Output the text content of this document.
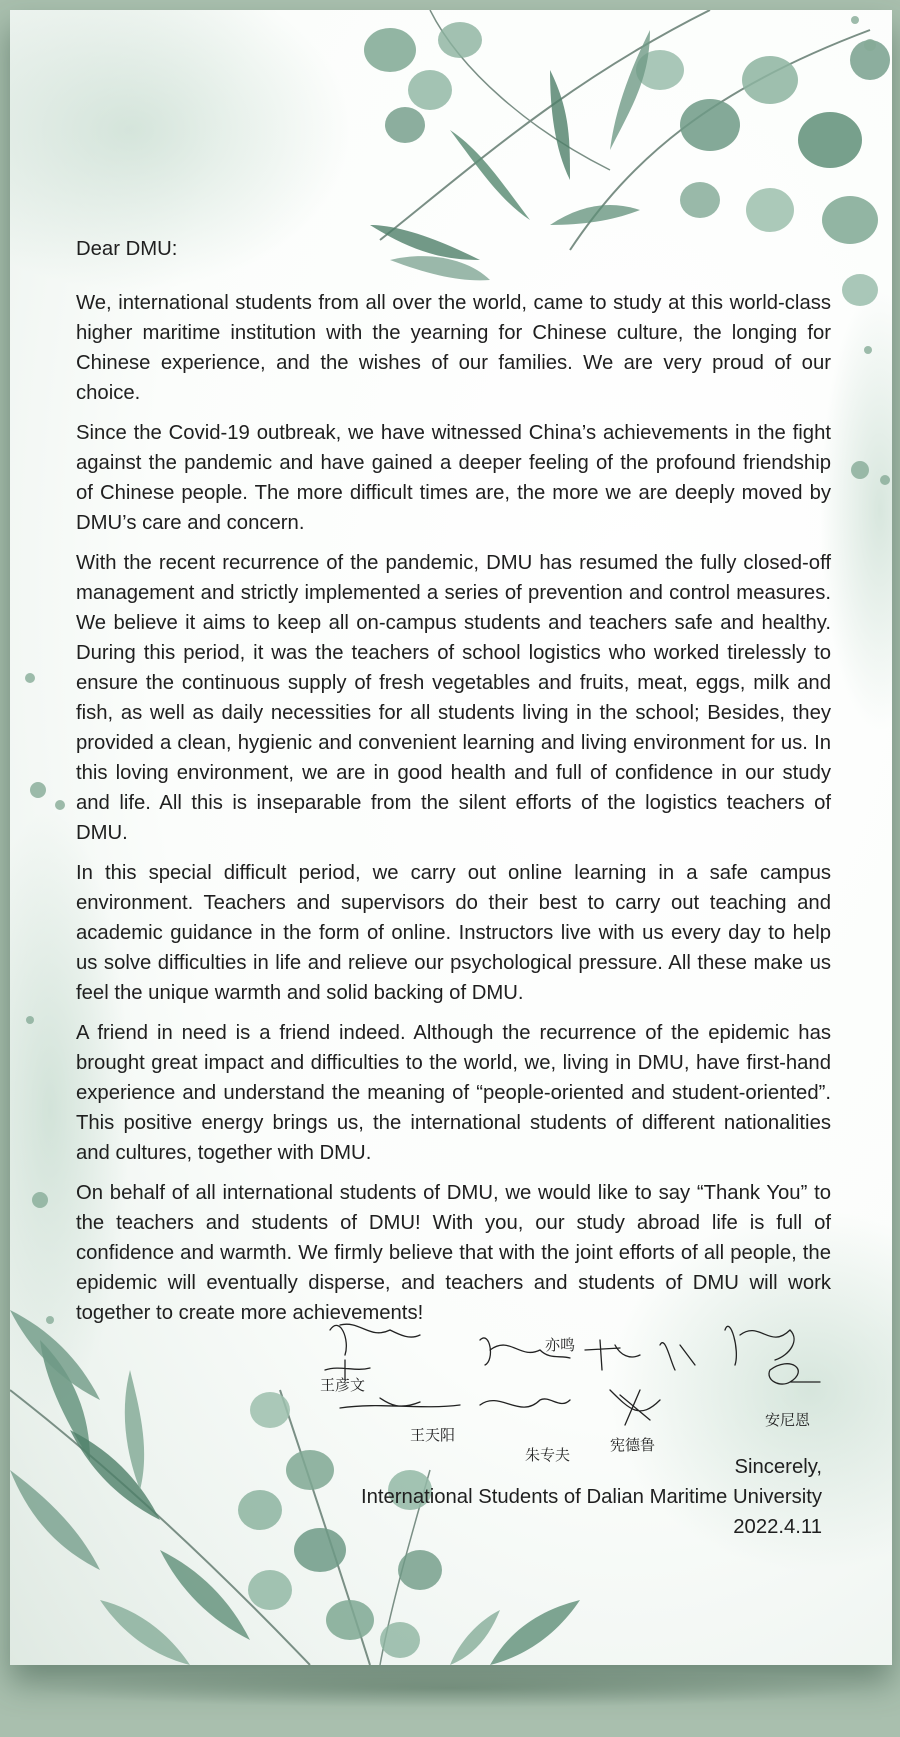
Dear DMU:

We, international students from all over the world, came to study at this world-class higher maritime institution with the yearning for Chinese culture, the longing for Chinese experience, and the wishes of our families. We are very proud of our choice.

Since the Covid-19 outbreak, we have witnessed China’s achievements in the fight against the pandemic and have gained a deeper feeling of the profound friendship of Chinese people. The more difficult times are, the more we are deeply moved by DMU’s care and concern.

With the recent recurrence of the pandemic, DMU has resumed the fully closed-off management and strictly implemented a series of prevention and control measures. We believe it aims to keep all on-campus students and teachers safe and healthy. During this period, it was the teachers of school logistics who worked tirelessly to ensure the continuous supply of fresh vegetables and fruits, meat, eggs, milk and fish, as well as daily necessities for all students living in the school; Besides, they provided a clean, hygienic and convenient learning and living environment for us. In this loving environment, we are in good health and full of confidence in our study and life. All this is inseparable from the silent efforts of the logistics teachers of DMU.

In this special difficult period, we carry out online learning in a safe campus environment. Teachers and supervisors do their best to carry out teaching and academic guidance in the form of online. Instructors live with us every day to help us solve difficulties in life and relieve our psychological pressure. All these make us feel the unique warmth and solid backing of DMU.

A friend in need is a friend indeed. Although the recurrence of the epidemic has brought great impact and difficulties to the world, we, living in DMU, have first-hand experience and understand the meaning of “people-oriented and student-oriented”. This positive energy brings us, the international students of different nationalities and cultures, together with DMU.

On behalf of all international students of DMU, we would like to say “Thank You” to the teachers and students of DMU! With you, our study abroad life is full of confidence and warmth. We firmly believe that with the joint efforts of all people, the epidemic will eventually disperse, and teachers and students of DMU will work together to create more achievements!

王彦文
亦鸣
王天阳
朱专夫
宪德鲁
安尼恩
Sincerely,
International Students of Dalian Maritime University
2022.4.11
